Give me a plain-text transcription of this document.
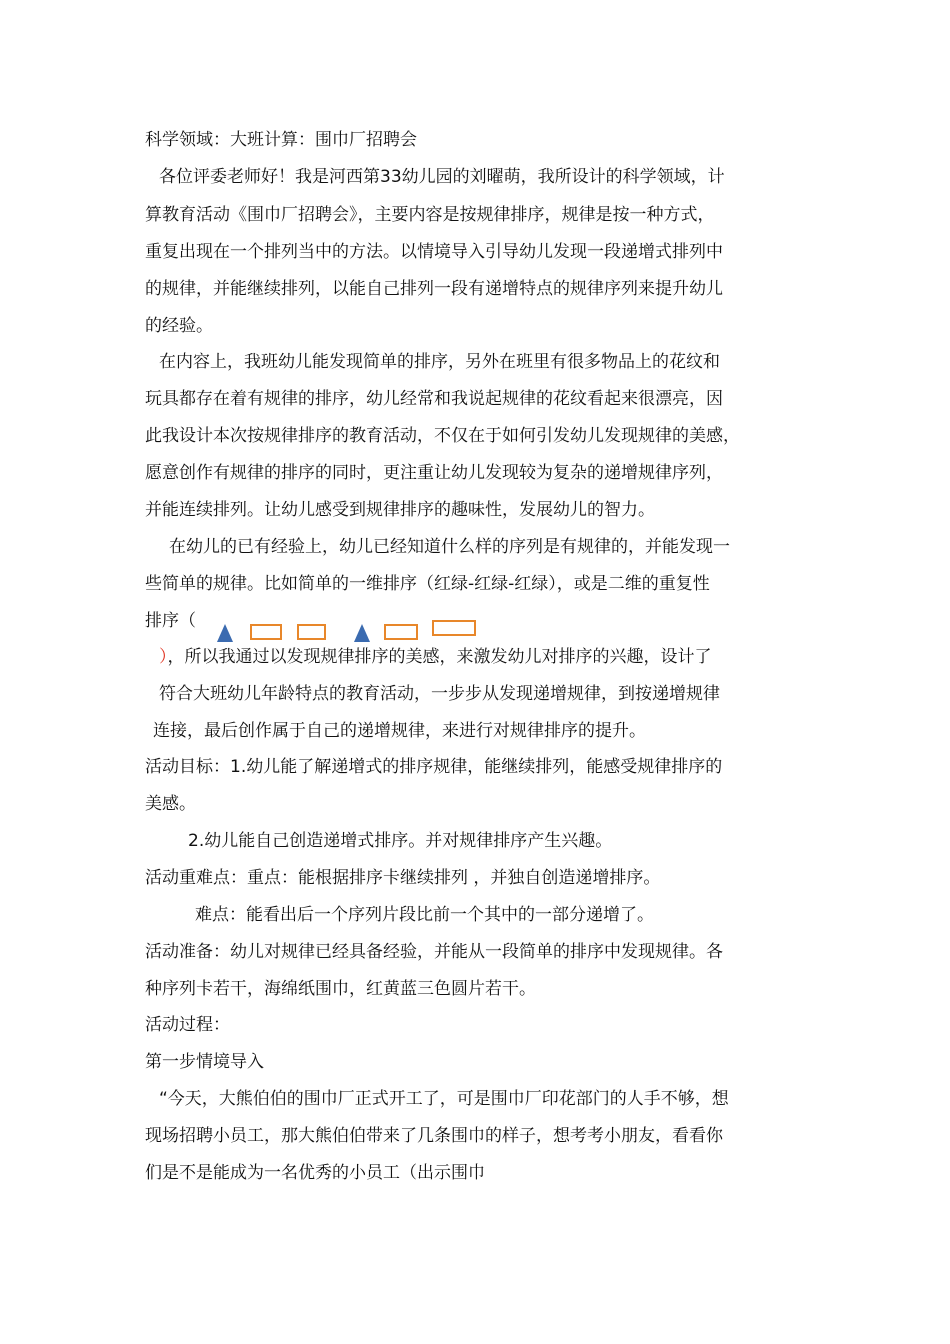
科学领域：大班计算：围巾厂招聘会
各位评委老师好！我是河西第33幼儿园的刘曜萌，我所设计的科学领域，计
算教育活动《围巾厂招聘会》，主要内容是按规律排序，规律是按一种方式，
重复出现在一个排列当中的方法。以情境导入引导幼儿发现一段递增式排列中
的规律，并能继续排列，以能自己排列一段有递增特点的规律序列来提升幼儿
的经验。
在内容上，我班幼儿能发现简单的排序，另外在班里有很多物品上的花纹和
玩具都存在着有规律的排序，幼儿经常和我说起规律的花纹看起来很漂亮，因
此我设计本次按规律排序的教育活动，不仅在于如何引发幼儿发现规律的美感，
愿意创作有规律的排序的同时，更注重让幼儿发现较为复杂的递增规律序列，
并能连续排列。让幼儿感受到规律排序的趣味性，发展幼儿的智力。
在幼儿的已有经验上，幼儿已经知道什么样的序列是有规律的，并能发现一
些简单的规律。比如简单的一维排序（红绿-红绿-红绿），或是二维的重复性
排序（
），所以我通过以发现规律排序的美感，来激发幼儿对排序的兴趣，设计了
符合大班幼儿年龄特点的教育活动，一步步从发现递增规律，到按递增规律
连接，最后创作属于自己的递增规律，来进行对规律排序的提升。
活动目标：1.幼儿能了解递增式的排序规律，能继续排列，能感受规律排序的
美感。
2.幼儿能自己创造递增式排序。并对规律排序产生兴趣。
活动重难点：重点：能根据排序卡继续排列 ，并独自创造递增排序。
难点：能看出后一个序列片段比前一个其中的一部分递增了。
活动准备：幼儿对规律已经具备经验，并能从一段简单的排序中发现规律。各
种序列卡若干，海绵纸围巾，红黄蓝三色圆片若干。
活动过程：
第一步情境导入
“今天，大熊伯伯的围巾厂正式开工了，可是围巾厂印花部门的人手不够，想
现场招聘小员工，那大熊伯伯带来了几条围巾的样子，想考考小朋友，看看你
们是不是能成为一名优秀的小员工（出示围巾
